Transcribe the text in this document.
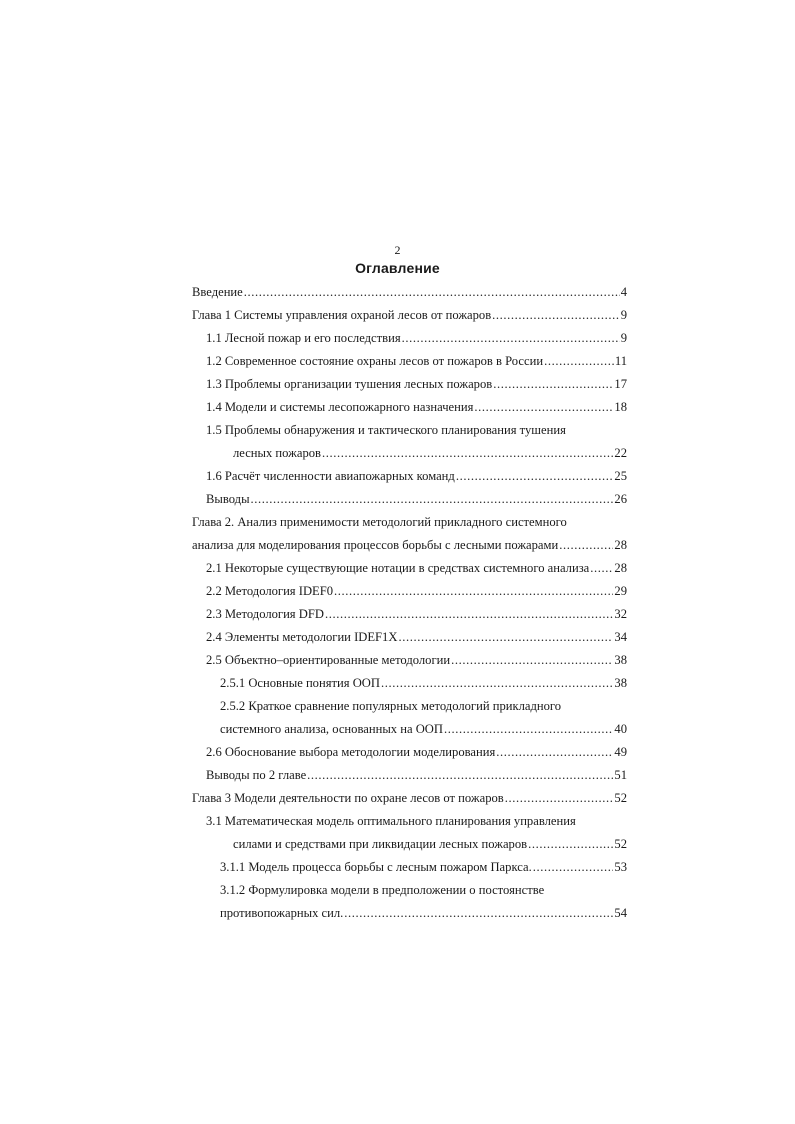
2
Оглавление
Введение .....	4
Глава 1 Системы управления охраной лесов от пожаров .....	9
1.1 Лесной пожар и его последствия .....	9
1.2 Современное состояние охраны лесов от пожаров в России .....	11
1.3 Проблемы организации тушения лесных пожаров .....	17
1.4 Модели и системы лесопожарного назначения .....	18
1.5 Проблемы обнаружения и тактического планирования тушения
лесных пожаров .....	22
1.6 Расчёт численности авиапожарных команд .....	25
Выводы .....	26
Глава 2. Анализ применимости методологий прикладного системного
анализа для моделирования процессов борьбы с лесными пожарами .....	28
2.1 Некоторые существующие нотации в средствах системного анализа ..... 28
2.2 Методология IDEF0 .....	29
2.3 Методология DFD .....	32
2.4 Элементы методологии IDEF1X .....	34
2.5 Объектно–ориентированные методологии .....	38
2.5.1 Основные понятия ООП .....	38
2.5.2 Краткое сравнение популярных методологий прикладного
системного анализа, основанных на ООП .....	40
2.6 Обоснование выбора методологии моделирования .....	49
Выводы по 2 главе .....	51
Глава 3 Модели деятельности по охране лесов от пожаров .....	52
3.1 Математическая модель оптимального планирования управления
силами и средствами при ликвидации лесных пожаров .....	52
3.1.1 Модель процесса борьбы с лесным пожаром Паркса. .....	53
3.1.2 Формулировка модели в предположении о постоянстве
противопожарных сил. .....	54
